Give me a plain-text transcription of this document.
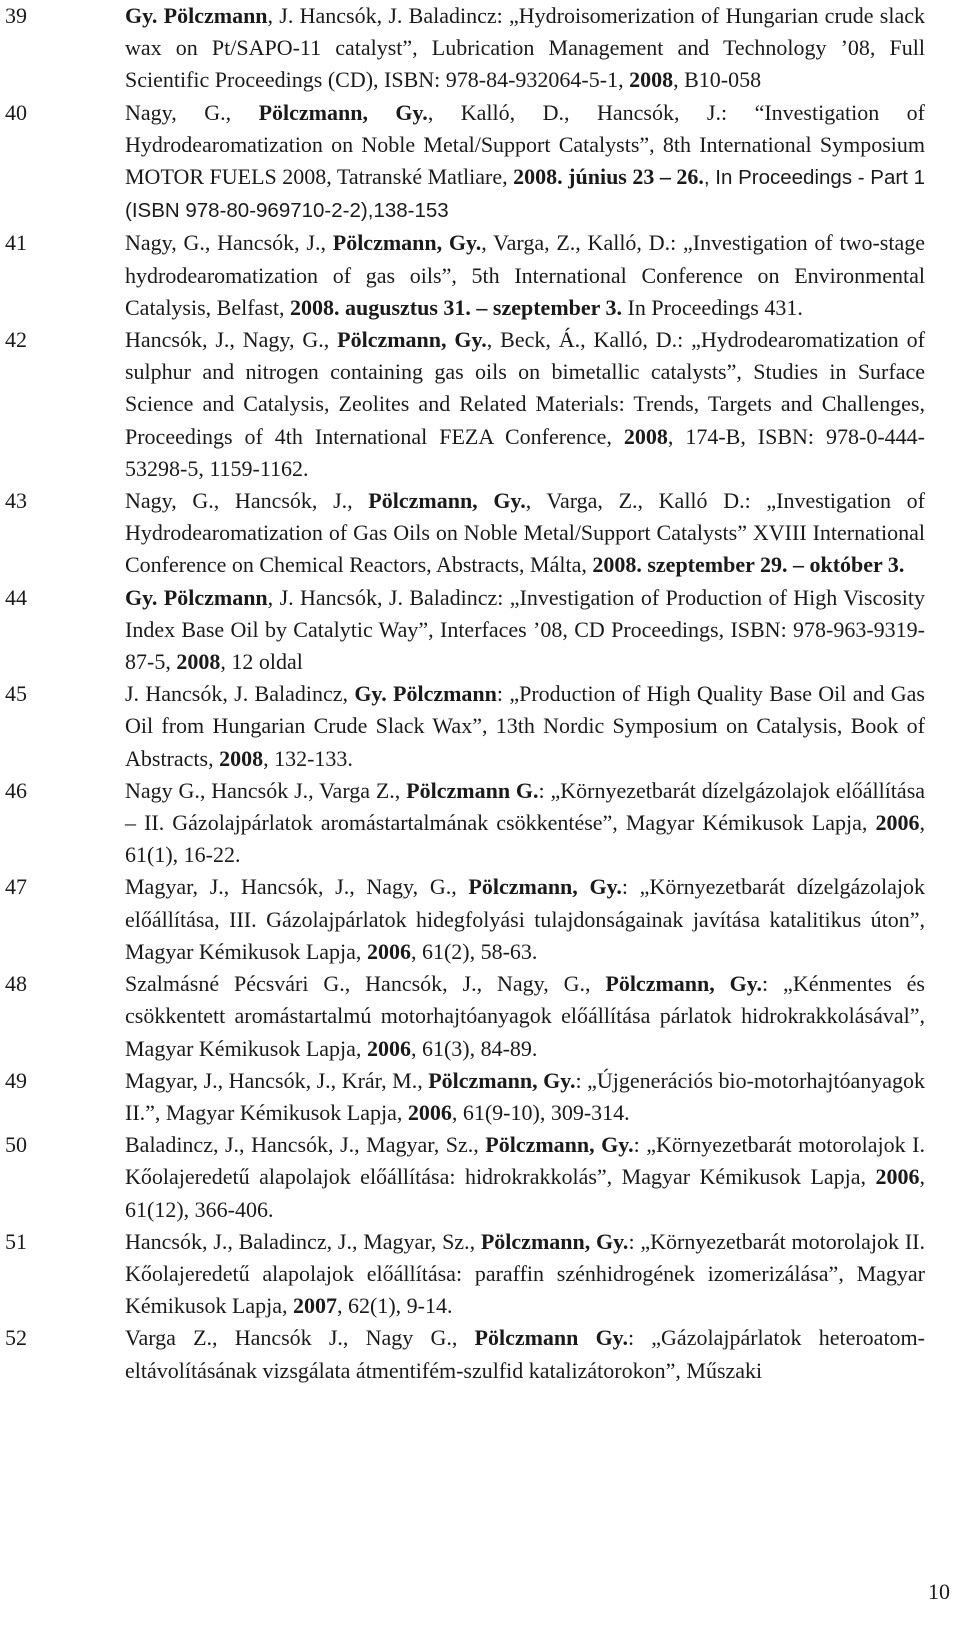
39	Gy. Pölczmann, J. Hancsók, J. Baladincz: „Hydroisomerization of Hungarian crude slack wax on Pt/SAPO-11 catalyst”, Lubrication Management and Technology ’08, Full Scientific Proceedings (CD), ISBN: 978-84-932064-5-1, 2008, B10-058
40	Nagy, G., Pölczmann, Gy., Kalló, D., Hancsók, J.: “Investigation of Hydrodearomatization on Noble Metal/Support Catalysts”, 8th International Symposium MOTOR FUELS 2008, Tatranské Matliare, 2008. június 23 – 26., In Proceedings - Part 1 (ISBN 978-80-969710-2-2),138-153
41	Nagy, G., Hancsók, J., Pölczmann, Gy., Varga, Z., Kalló, D.: „Investigation of two-stage hydrodearomatization of gas oils”, 5th International Conference on Environmental Catalysis, Belfast, 2008. augusztus 31. – szeptember 3. In Proceedings 431.
42	Hancsók, J., Nagy, G., Pölczmann, Gy., Beck, Á., Kalló, D.: „Hydrodearomatization of sulphur and nitrogen containing gas oils on bimetallic catalysts”, Studies in Surface Science and Catalysis, Zeolites and Related Materials: Trends, Targets and Challenges, Proceedings of 4th International FEZA Conference, 2008, 174-B, ISBN: 978-0-444-53298-5, 1159-1162.
43	Nagy, G., Hancsók, J., Pölczmann, Gy., Varga, Z., Kalló D.: „Investigation of Hydrodearomatization of Gas Oils on Noble Metal/Support Catalysts” XVIII International Conference on Chemical Reactors, Abstracts, Málta, 2008. szeptember 29. – október 3.
44	Gy. Pölczmann, J. Hancsók, J. Baladincz: „Investigation of Production of High Viscosity Index Base Oil by Catalytic Way”, Interfaces ’08, CD Proceedings, ISBN: 978-963-9319-87-5, 2008, 12 oldal
45	J. Hancsók, J. Baladincz, Gy. Pölczmann: „Production of High Quality Base Oil and Gas Oil from Hungarian Crude Slack Wax”, 13th Nordic Symposium on Catalysis, Book of Abstracts, 2008, 132-133.
46	Nagy G., Hancsók J., Varga Z., Pölczmann G.: „Környezetbarát dízelgázolajok előállítása – II. Gázolajpárlatok aromástartalmának csökkentése”, Magyar Kémikusok Lapja, 2006, 61(1), 16-22.
47	Magyar, J., Hancsók, J., Nagy, G., Pölczmann, Gy.: „Környezetbarát dízelgázolajok előállítása, III. Gázolajpárlatok hidegfolyási tulajdonságainak javítása katalitikus úton”, Magyar Kémikusok Lapja, 2006, 61(2), 58-63.
48	Szalmásné Pécsvári G., Hancsók, J., Nagy, G., Pölczmann, Gy.: „Kénmentes és csökkentett aromástartalmú motorhajtóanyagok előállítása párlatok hidrokrakkolásával”, Magyar Kémikusok Lapja, 2006, 61(3), 84-89.
49	Magyar, J., Hancsók, J., Krár, M., Pölczmann, Gy.: „Újgenerációs bio-motorhajtóanyagok II.”, Magyar Kémikusok Lapja, 2006, 61(9-10), 309-314.
50	Baladincz, J., Hancsók, J., Magyar, Sz., Pölczmann, Gy.: „Környezetbarát motorolajok I. Kőolajeredetű alapolajok előállítása: hidrokrakkolás”, Magyar Kémikusok Lapja, 2006, 61(12), 366-406.
51	Hancsók, J., Baladincz, J., Magyar, Sz., Pölczmann, Gy.: „Környezetbarát motorolajok II. Kőolajeredetű alapolajok előállítása: paraffin szénhidrogének izomerizálása”, Magyar Kémikusok Lapja, 2007, 62(1), 9-14.
52	Varga Z., Hancsók J., Nagy G., Pölczmann Gy.: „Gázolajpárlatok heteroatom-eltávolításának vizsgálata átmentifém-szulfid katalizátorokon”, Műszaki
10
